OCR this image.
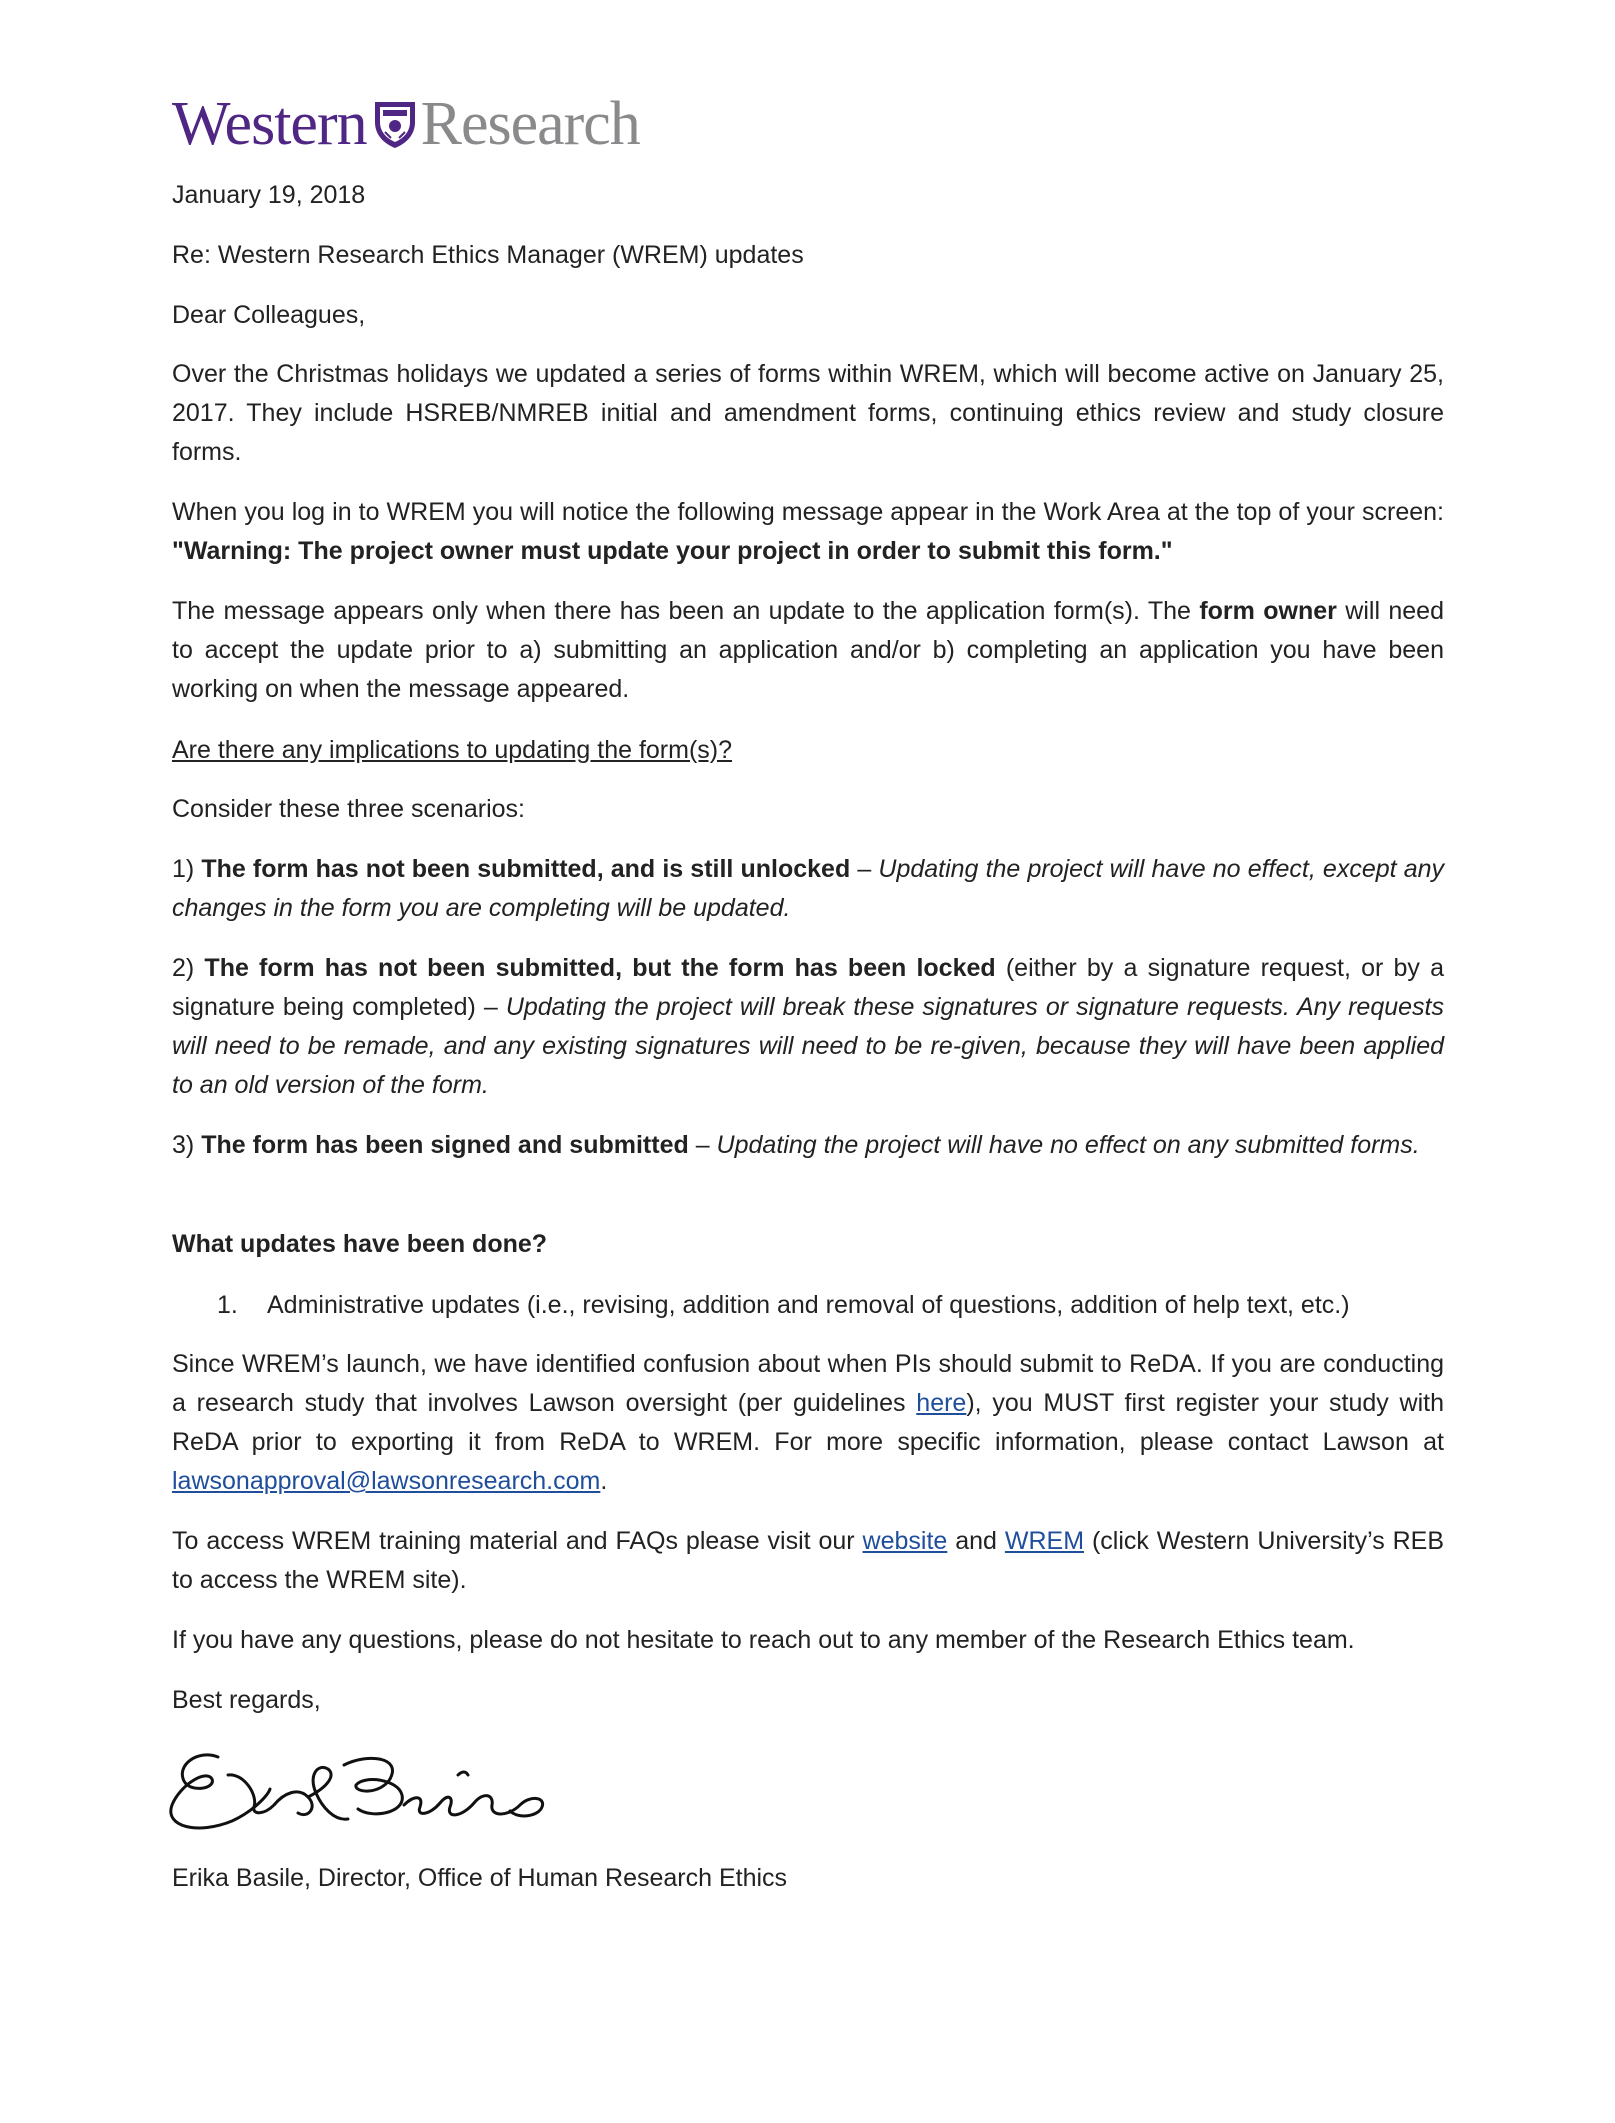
Western Research

January 19, 2018

Re: Western Research Ethics Manager (WREM) updates

Dear Colleagues,

Over the Christmas holidays we updated a series of forms within WREM, which will become active on January 25, 2017. They include HSREB/NMREB initial and amendment forms, continuing ethics review and study closure forms.

When you log in to WREM you will notice the following message appear in the Work Area at the top of your screen: "Warning: The project owner must update your project in order to submit this form."

The message appears only when there has been an update to the application form(s). The form owner will need to accept the update prior to a) submitting an application and/or b) completing an application you have been working on when the message appeared.

Are there any implications to updating the form(s)?

Consider these three scenarios:

1) The form has not been submitted, and is still unlocked – Updating the project will have no effect, except any changes in the form you are completing will be updated.

2) The form has not been submitted, but the form has been locked (either by a signature request, or by a signature being completed) – Updating the project will break these signatures or signature requests. Any requests will need to be remade, and any existing signatures will need to be re-given, because they will have been applied to an old version of the form.

3) The form has been signed and submitted – Updating the project will have no effect on any submitted forms.

What updates have been done?

1. Administrative updates (i.e., revising, addition and removal of questions, addition of help text, etc.)

Since WREM’s launch, we have identified confusion about when PIs should submit to ReDA. If you are conducting a research study that involves Lawson oversight (per guidelines here), you MUST first register your study with ReDA prior to exporting it from ReDA to WREM. For more specific information, please contact Lawson at lawsonapproval@lawsonresearch.com.

To access WREM training material and FAQs please visit our website and WREM (click Western University’s REB to access the WREM site).

If you have any questions, please do not hesitate to reach out to any member of the Research Ethics team.

Best regards,

Erika Basile, Director, Office of Human Research Ethics
